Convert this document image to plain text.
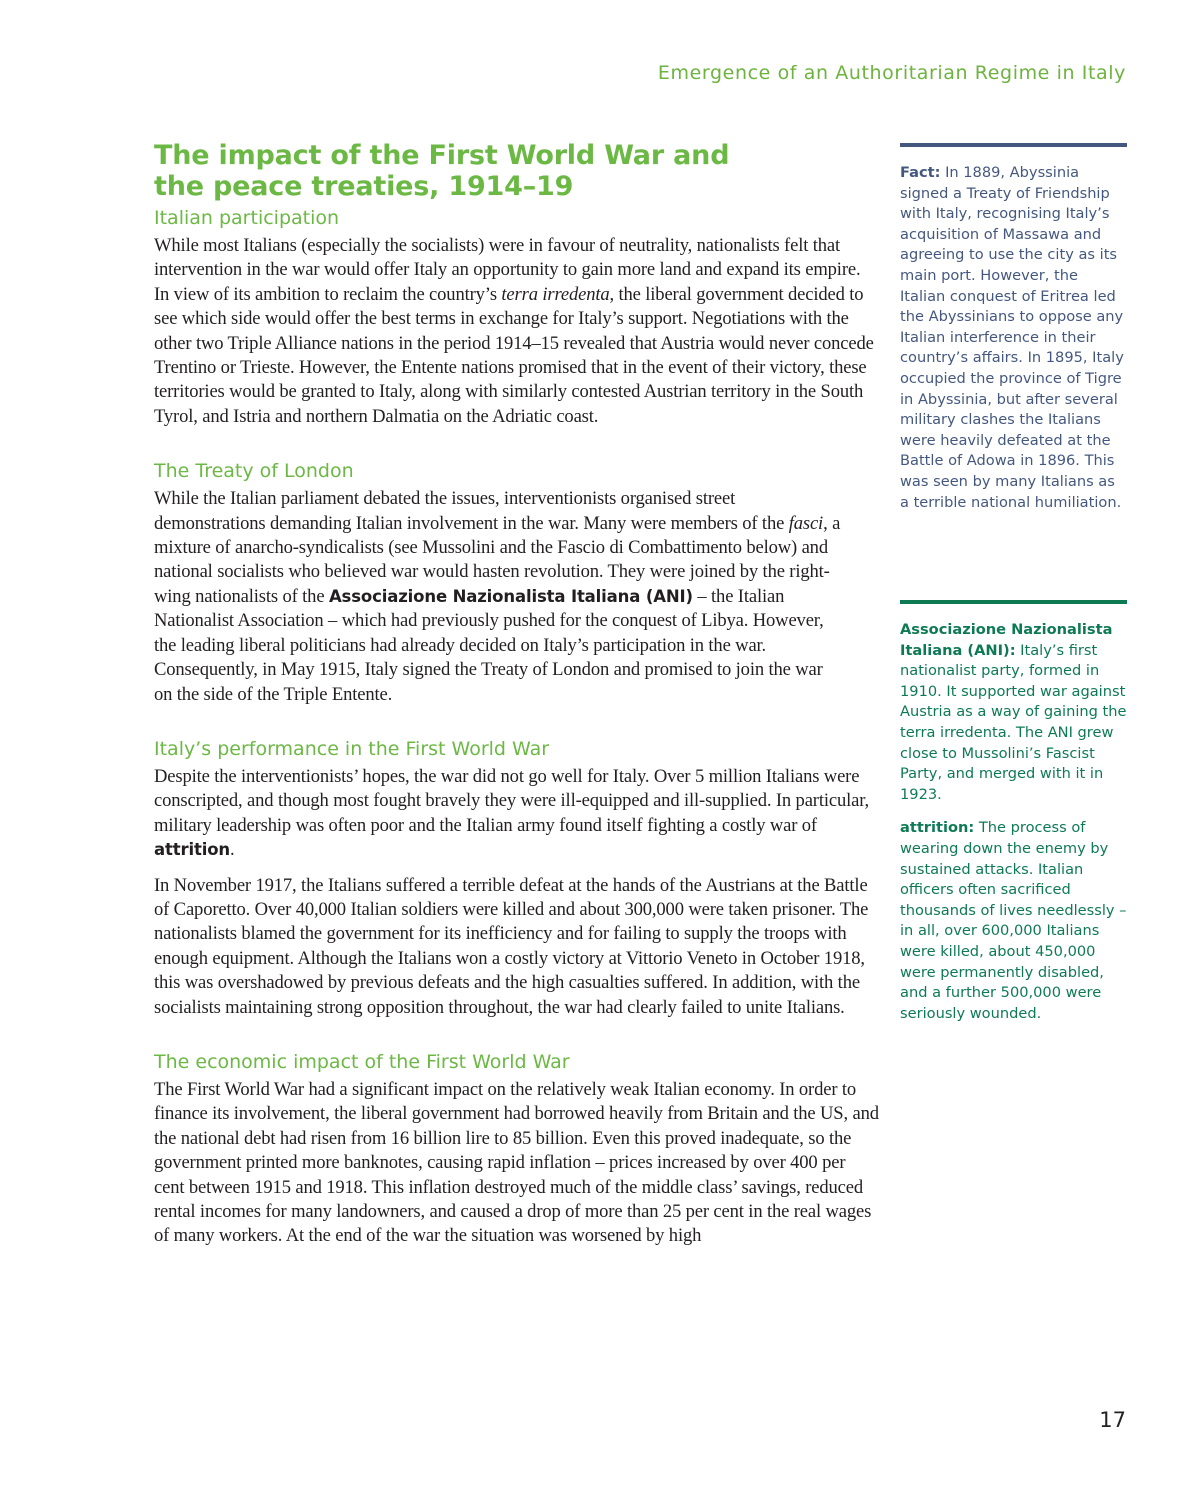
Emergence of an Authoritarian Regime in Italy
The impact of the First World War and
the peace treaties, 1914–19
Italian participation

While most Italians (especially the socialists) were in favour of neutrality, nationalists felt that intervention in the war would offer Italy an opportunity to gain more land and expand its empire. In view of its ambition to reclaim the country’s terra irredenta, the liberal government decided to see which side would offer the best terms in exchange for Italy’s support. Negotiations with the other two Triple Alliance nations in the period 1914–15 revealed that Austria would never concede Trentino or Trieste. However, the Entente nations promised that in the event of their victory, these territories would be granted to Italy, along with similarly contested Austrian territory in the South Tyrol, and Istria and northern Dalmatia on the Adriatic coast.

The Treaty of London

While the Italian parliament debated the issues, interventionists organised street demonstrations demanding Italian involvement in the war. Many were members of the fasci, a mixture of anarcho-syndicalists (see Mussolini and the Fascio di Combattimento below) and national socialists who believed war would hasten revolution. They were joined by the right-wing nationalists of the Associazione Nazionalista Italiana (ANI) – the Italian Nationalist Association – which had previously pushed for the conquest of Libya. However, the leading liberal politicians had already decided on Italy’s participation in the war. Consequently, in May 1915, Italy signed the Treaty of London and promised to join the war on the side of the Triple Entente.

Italy’s performance in the First World War

Despite the interventionists’ hopes, the war did not go well for Italy. Over 5 million Italians were conscripted, and though most fought bravely they were ill-equipped and ill-supplied. In particular, military leadership was often poor and the Italian army found itself fighting a costly war of attrition.

In November 1917, the Italians suffered a terrible defeat at the hands of the Austrians at the Battle of Caporetto. Over 40,000 Italian soldiers were killed and about 300,000 were taken prisoner. The nationalists blamed the government for its inefficiency and for failing to supply the troops with enough equipment. Although the Italians won a costly victory at Vittorio Veneto in October 1918, this was overshadowed by previous defeats and the high casualties suffered. In addition, with the socialists maintaining strong opposition throughout, the war had clearly failed to unite Italians.

The economic impact of the First World War

The First World War had a significant impact on the relatively weak Italian economy. In order to finance its involvement, the liberal government had borrowed heavily from Britain and the US, and the national debt had risen from 16 billion lire to 85 billion. Even this proved inadequate, so the government printed more banknotes, causing rapid inflation – prices increased by over 400 per cent between 1915 and 1918. This inflation destroyed much of the middle class’ savings, reduced rental incomes for many landowners, and caused a drop of more than 25 per cent in the real wages of many workers. At the end of the war the situation was worsened by high

Fact: In 1889, Abyssinia signed a Treaty of Friendship with Italy, recognising Italy’s acquisition of Massawa and agreeing to use the city as its main port. However, the Italian conquest of Eritrea led the Abyssinians to oppose any Italian interference in their country’s affairs. In 1895, Italy occupied the province of Tigre in Abyssinia, but after several military clashes the Italians were heavily defeated at the Battle of Adowa in 1896. This was seen by many Italians as a terrible national humiliation.

Associazione Nazionalista Italiana (ANI): Italy’s first nationalist party, formed in 1910. It supported war against Austria as a way of gaining the terra irredenta. The ANI grew close to Mussolini’s Fascist Party, and merged with it in 1923.

attrition: The process of wearing down the enemy by sustained attacks. Italian officers often sacrificed thousands of lives needlessly – in all, over 600,000 Italians were killed, about 450,000 were permanently disabled, and a further 500,000 were seriously wounded.

17
